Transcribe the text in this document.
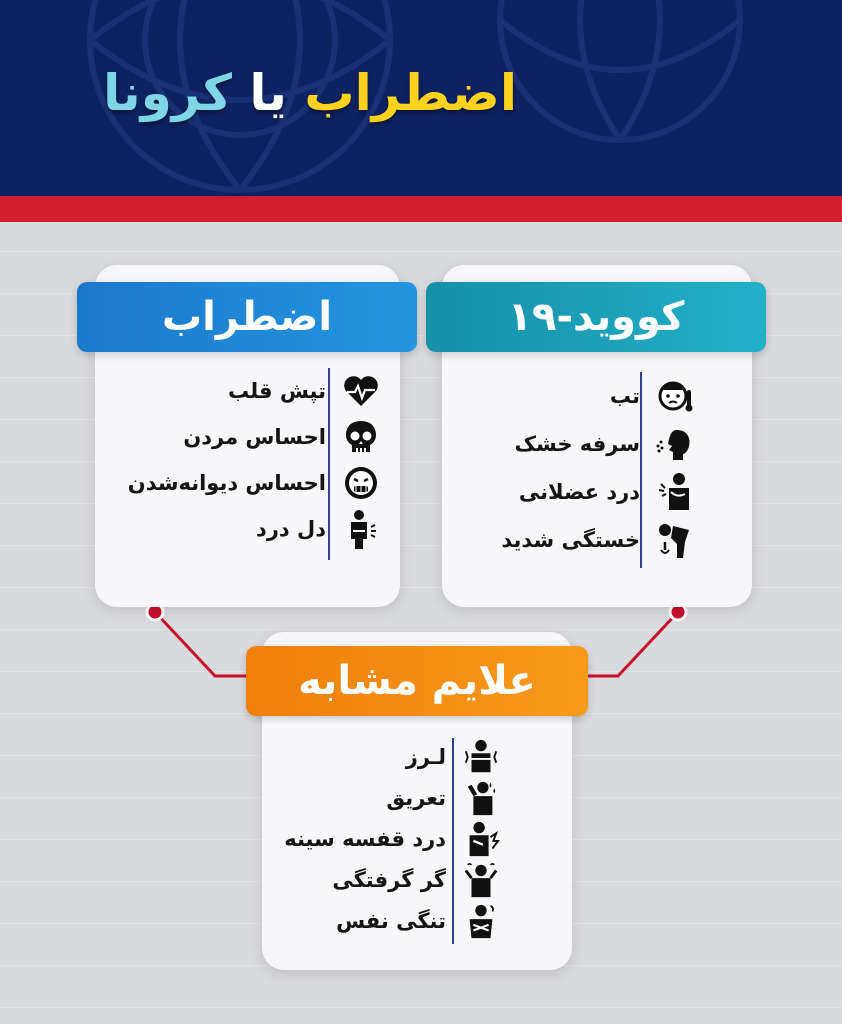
اضطراب یا کرونا
اضطراب
تپش قلب
احساس مردن
احساس دیوانه‌شدن
دل درد
کووید-۱۹
تب
سرفه خشک
درد عضلانی
خستگی شدید
علایم مشابه
لـرز
تعریق
درد قفسه سینه
گر گرفتگی
تنگی نفس
